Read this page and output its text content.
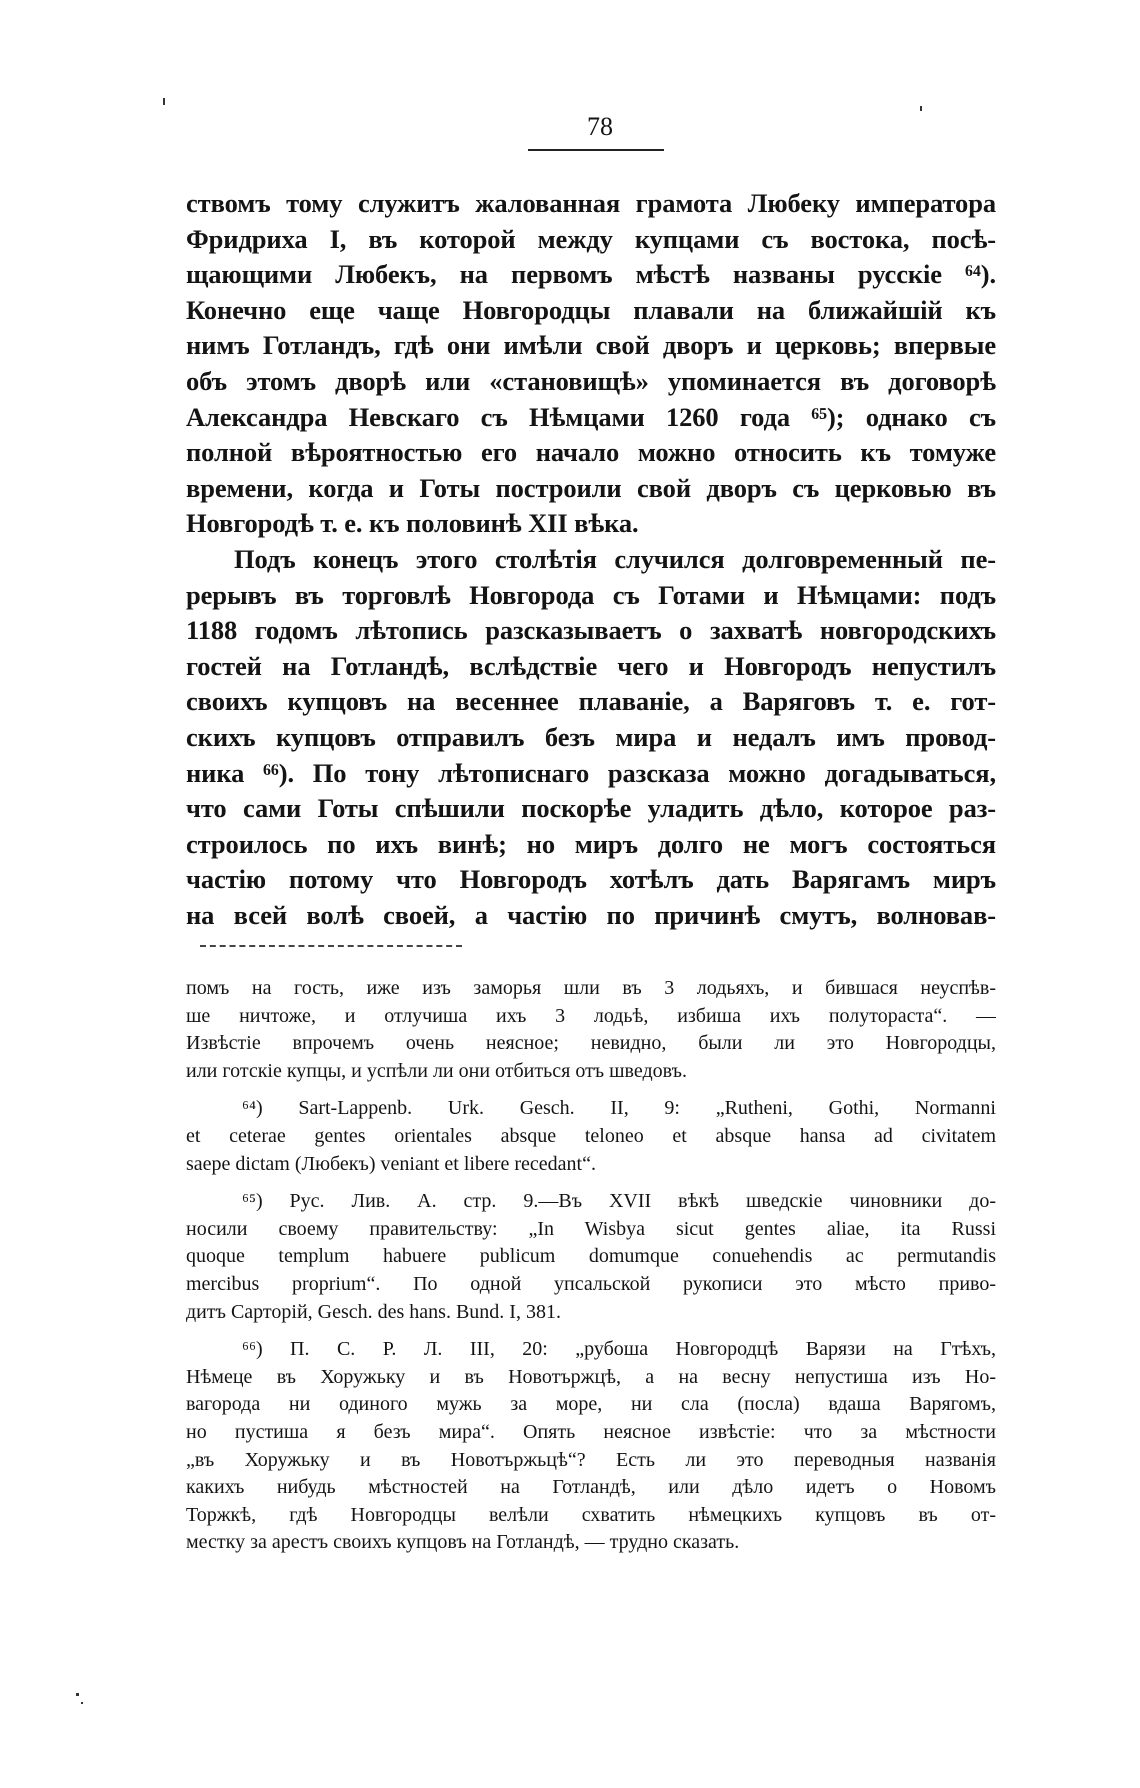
78
ствомъ тому служитъ жалованная грамота Любеку императора
Фридриха I, въ которой между купцами съ востока, посѣ-
щающими Любекъ, на первомъ мѣстѣ названы русскіе ⁶⁴).
Конечно еще чаще Новгородцы плавали на ближайшій къ
нимъ Готландъ, гдѣ они имѣли свой дворъ и церковь; впервые
объ этомъ дворѣ или «становищѣ» упоминается въ договорѣ
Александра Невскаго съ Нѣмцами 1260 года ⁶⁵); однако съ
полной вѣроятностью его начало можно относить къ томуже
времени, когда и Готы построили свой дворъ съ церковью въ
Новгородѣ т. е. къ половинѣ XII вѣка.
Подъ конецъ этого столѣтія случился долговременный пе-
рерывъ въ торговлѣ Новгорода съ Готами и Нѣмцами: подъ
1188 годомъ лѣтопись разсказываетъ о захватѣ новгородскихъ
гостей на Готландѣ, вслѣдствіе чего и Новгородъ непустилъ
своихъ купцовъ на весеннее плаваніе, а Варяговъ т. е. гот-
скихъ купцовъ отправилъ безъ мира и недалъ имъ провод-
ника ⁶⁶). По тону лѣтописнаго разсказа можно догадываться,
что сами Готы спѣшили поскорѣе уладить дѣло, которое раз-
строилось по ихъ винѣ; но миръ долго не могъ состояться
частію потому что Новгородъ хотѣлъ дать Варягамъ миръ
на всей волѣ своей, а частію по причинѣ смутъ, волновав-
помъ на гость, иже изъ заморья шли въ 3 лодьяхъ, и бившася неуспѣв-
ше ничтоже, и отлучиша ихъ 3 лодьѣ, избиша ихъ полутораста“. —
Извѣстіе впрочемъ очень неясное; невидно, были ли это Новгородцы,
или готскіе купцы, и успѣли ли они отбиться отъ шведовъ.
⁶⁴) Sart-Lappenb. Urk. Gesch. II, 9: „Rutheni, Gothi, Normanni
et ceterae gentes orientales absque teloneo et absque hansa ad civitatem
saepe dictam (Любекъ) veniant et libere recedant“.
⁶⁵) Рус. Лив. А. стр. 9.—Въ XVII вѣкѣ шведскіе чиновники до-
носили своему правительству: „In Wisbya sicut gentes aliae, ita Russi
quoque templum habuere publicum domumque conuehendis ac permutandis
mercibus proprium“. По одной упсальской рукописи это мѣсто приво-
дитъ Сарторій, Gesch. des hans. Bund. I, 381.
⁶⁶) П. С. Р. Л. III, 20: „рубоша Новгородцѣ Варязи на Гтѣхъ,
Нѣмеце въ Хоружьку и въ Новотържцѣ, а на весну непустиша изъ Но-
вагорода ни одиного мужь за море, ни сла (посла) вдаша Варягомъ,
но пустиша я безъ мира“. Опять неясное извѣстіе: что за мѣстности
„въ Хоружьку и въ Новотържьцѣ“? Есть ли это переводныя названія
какихъ нибудь мѣстностей на Готландѣ, или дѣло идетъ о Новомъ
Торжкѣ, гдѣ Новгородцы велѣли схватить нѣмецкихъ купцовъ въ от-
местку за арестъ своихъ купцовъ на Готландѣ, — трудно сказать.
